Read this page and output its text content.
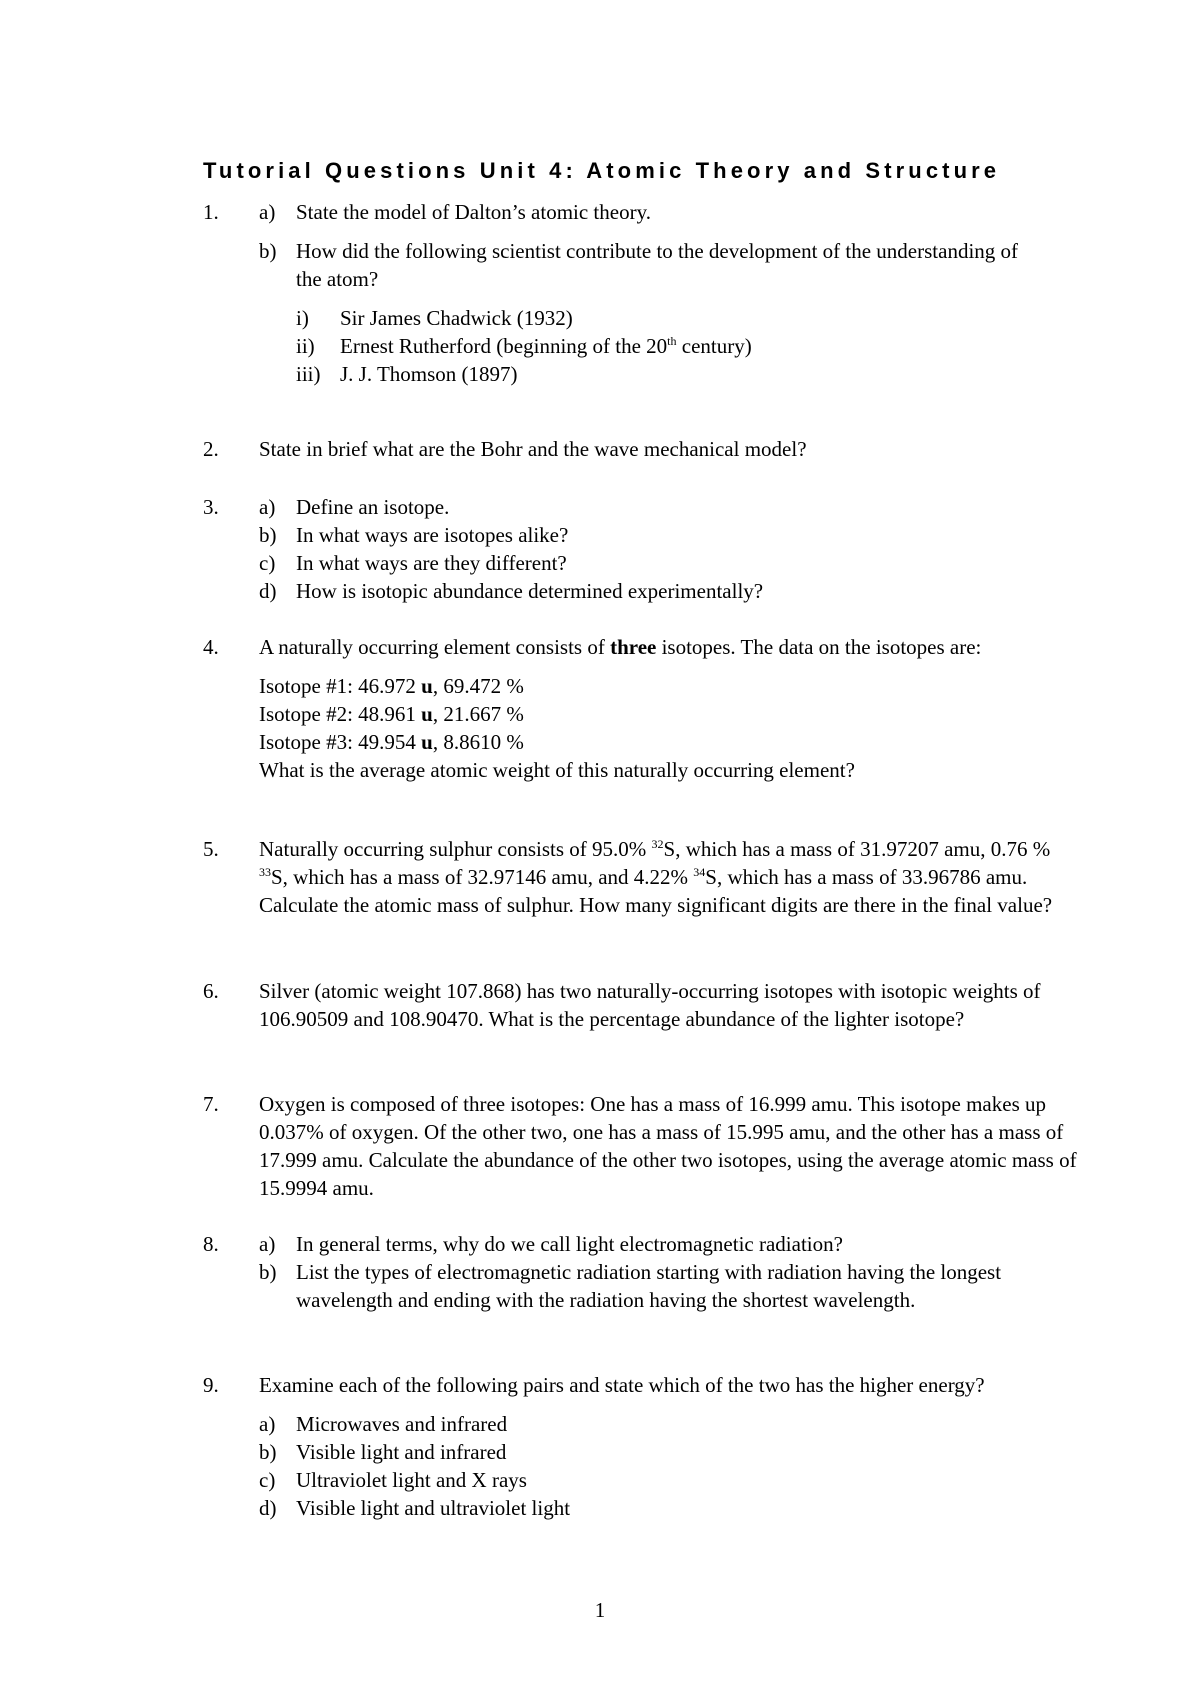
Tutorial Questions Unit 4: Atomic Theory and Structure
1. a) State the model of Dalton’s atomic theory.
b) How did the following scientist contribute to the development of the understanding of the atom?
i) Sir James Chadwick (1932)
ii) Ernest Rutherford (beginning of the 20th century)
iii) J. J. Thomson (1897)
2. State in brief what are the Bohr and the wave mechanical model?
3. a) Define an isotope.
b) In what ways are isotopes alike?
c) In what ways are they different?
d) How is isotopic abundance determined experimentally?
4. A naturally occurring element consists of three isotopes. The data on the isotopes are:
Isotope #1: 46.972 u, 69.472 %
Isotope #2: 48.961 u, 21.667 %
Isotope #3: 49.954 u, 8.8610 %
What is the average atomic weight of this naturally occurring element?
5. Naturally occurring sulphur consists of 95.0% $^{32}$S, which has a mass of 31.97207 amu, 0.76 % $^{33}$S, which has a mass of 32.97146 amu, and 4.22% $^{34}$S, which has a mass of 33.96786 amu. Calculate the atomic mass of sulphur. How many significant digits are there in the final value?
6. Silver (atomic weight 107.868) has two naturally-occurring isotopes with isotopic weights of 106.90509 and 108.90470. What is the percentage abundance of the lighter isotope?
7. Oxygen is composed of three isotopes: One has a mass of 16.999 amu. This isotope makes up 0.037% of oxygen. Of the other two, one has a mass of 15.995 amu, and the other has a mass of 17.999 amu. Calculate the abundance of the other two isotopes, using the average atomic mass of 15.9994 amu.
8. a) In general terms, why do we call light electromagnetic radiation?
b) List the types of electromagnetic radiation starting with radiation having the longest wavelength and ending with the radiation having the shortest wavelength.
9. Examine each of the following pairs and state which of the two has the higher energy?
a) Microwaves and infrared
b) Visible light and infrared
c) Ultraviolet light and X rays
d) Visible light and ultraviolet light
1
